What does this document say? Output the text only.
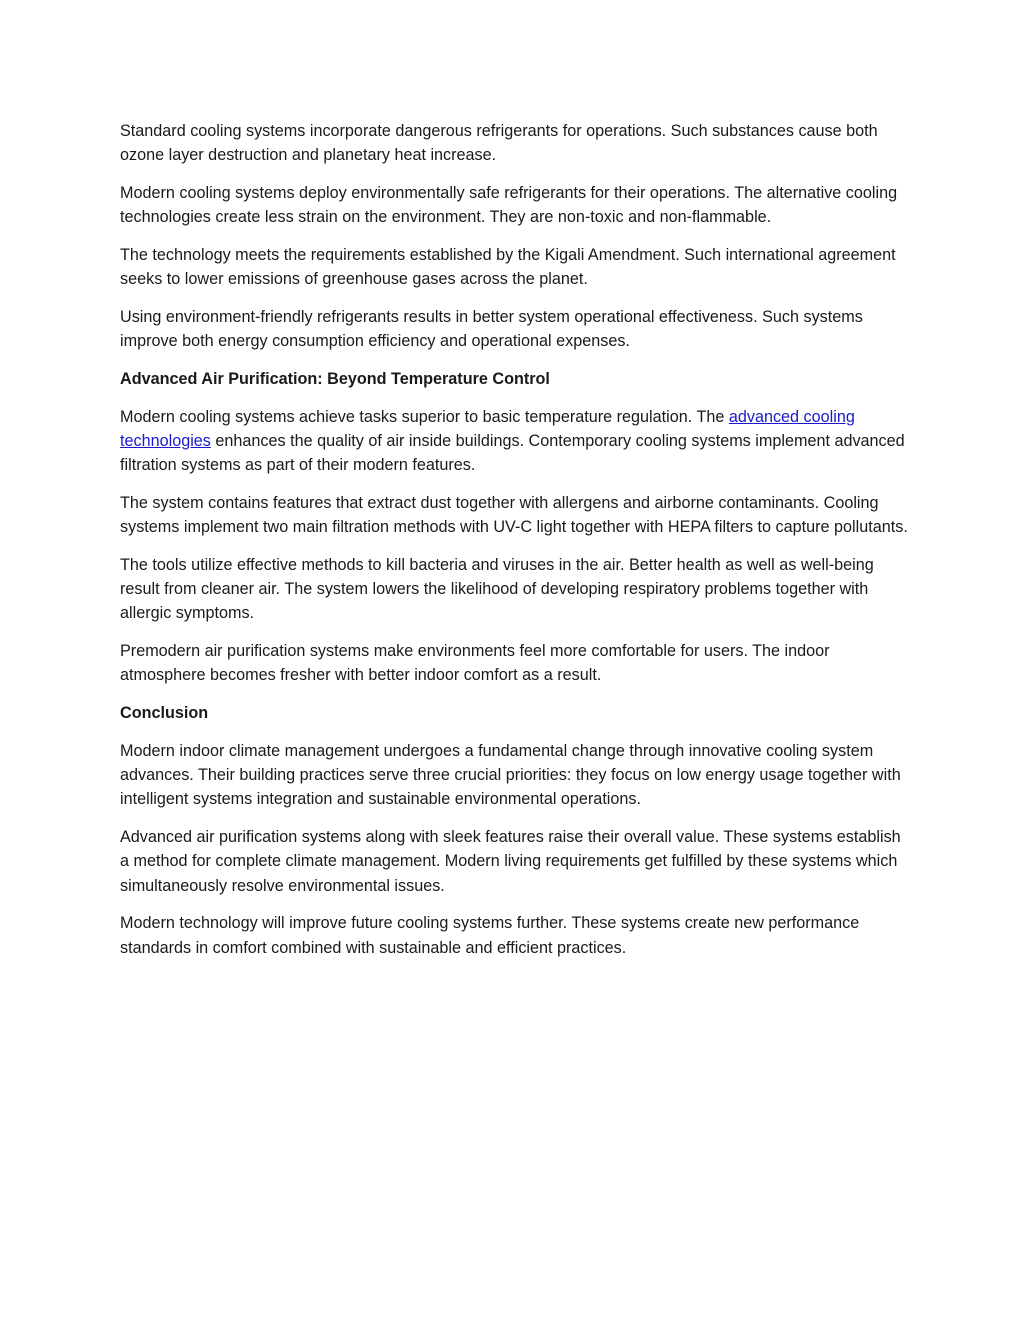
Standard cooling systems incorporate dangerous refrigerants for operations. Such substances cause both ozone layer destruction and planetary heat increase.

Modern cooling systems deploy environmentally safe refrigerants for their operations. The alternative cooling technologies create less strain on the environment. They are non-toxic and non-flammable.

The technology meets the requirements established by the Kigali Amendment. Such international agreement seeks to lower emissions of greenhouse gases across the planet.

Using environment-friendly refrigerants results in better system operational effectiveness. Such systems improve both energy consumption efficiency and operational expenses.

Advanced Air Purification: Beyond Temperature Control

Modern cooling systems achieve tasks superior to basic temperature regulation. The advanced cooling technologies enhances the quality of air inside buildings. Contemporary cooling systems implement advanced filtration systems as part of their modern features.

The system contains features that extract dust together with allergens and airborne contaminants. Cooling systems implement two main filtration methods with UV-C light together with HEPA filters to capture pollutants.

The tools utilize effective methods to kill bacteria and viruses in the air. Better health as well as well-being result from cleaner air. The system lowers the likelihood of developing respiratory problems together with allergic symptoms.

Premodern air purification systems make environments feel more comfortable for users. The indoor atmosphere becomes fresher with better indoor comfort as a result.

Conclusion

Modern indoor climate management undergoes a fundamental change through innovative cooling system advances. Their building practices serve three crucial priorities: they focus on low energy usage together with intelligent systems integration and sustainable environmental operations.

Advanced air purification systems along with sleek features raise their overall value. These systems establish a method for complete climate management. Modern living requirements get fulfilled by these systems which simultaneously resolve environmental issues.

Modern technology will improve future cooling systems further. These systems create new performance standards in comfort combined with sustainable and efficient practices.
